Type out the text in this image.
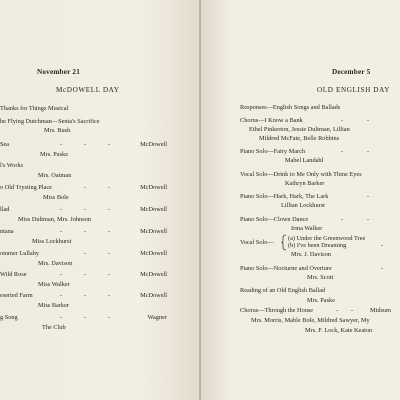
November 21
McDOWELL DAY
Thanks for Things Musical
he Flying Dutchman—Senta's Sacrifice
Mrs. Bush
Sea	-	-	-	McDowell
Mrs. Paske
l's Works
Mrs. Oatman
o Old Trysting Place	-	-	McDowell
Miss Bole
llad	-	-	-	McDowell
Miss Dultman, Mrs. Johnson
ntana	-	-	-	McDowell
Miss Lockhurst
ommer Lullaby	-	-	McDowell
Mrs. Davison
Wild Rose	-	-	-	McDowell
Miss Walker
eserted Farm	-	-	-	McDowell
Miss Barker
g Song	-	-	-	Wagner
The Club
December 5
OLD ENGLISH DAY
Responses—English Songs and Ballads
Chorus—I Know a Bank	-	-
Ethel Pinkerton, Jessie Dultman, Lillian
Mildred McFate, Belle Robbins
Piano Solo—Fairy March	-	-
Mabel Landahl
Vocal Solo—Drink to Me Only with Thine Eyes
Kathryn Barker
Piano Solo—Hark, Hark, The Lark	-
Lillian Lockhurst
Piano Solo—Clown Dance	-	-
Irma Walker
Vocal Solo—
(a) Under the Greenwood Tree
(b) I've been Dreaming	-
Mrs. J. Davison
Piano Solo—Nocturne and Overture	-
Mrs. Scott
Reading of an Old English Ballad
Mrs. Paske
Chorus—Through the House	- -	Midsum
Mrs. Morris, Mable Bole, Mildred Sawyer, My
Mrs. F. Lock, Kate Keaton
